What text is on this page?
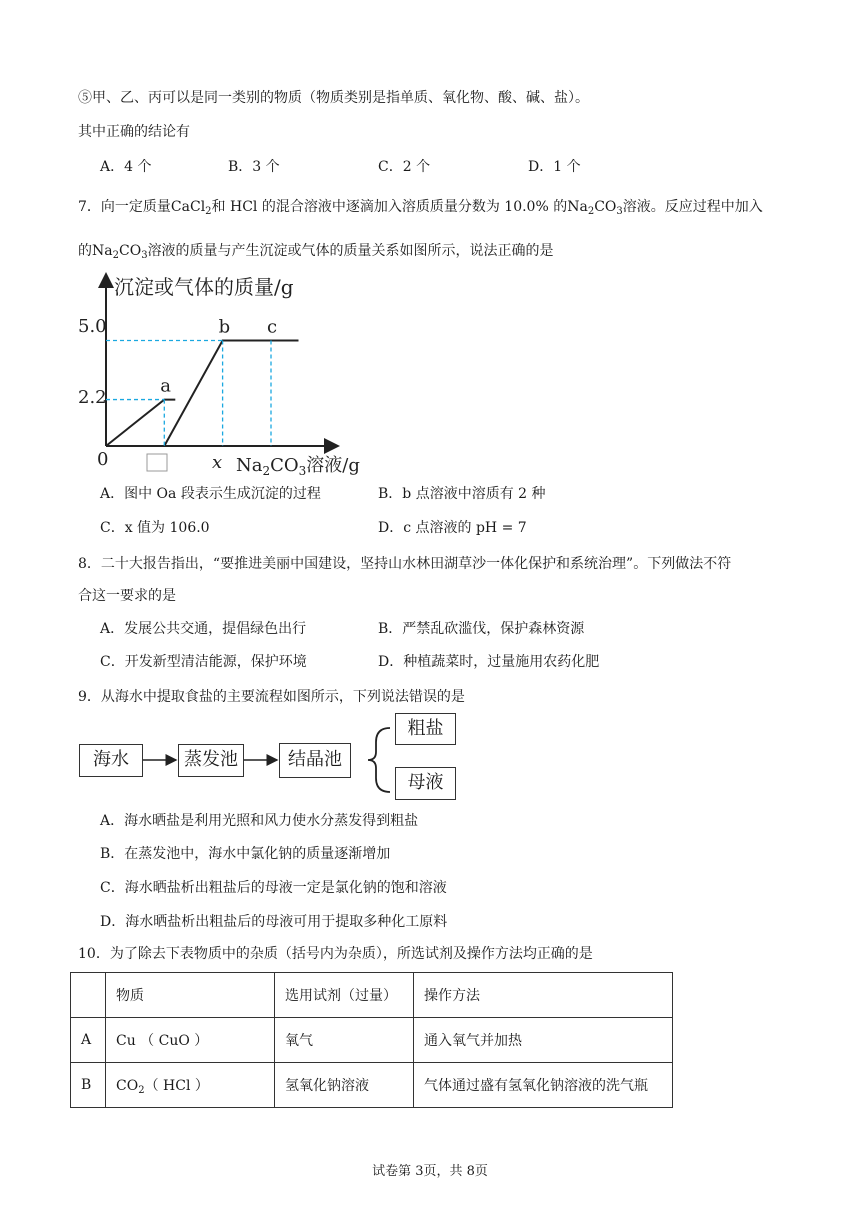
⑤甲、乙、丙可以是同一类别的物质（物质类别是指单质、氧化物、酸、碱、盐）。
其中正确的结论有
A．4 个	B．3 个	C．2 个	D．1 个
7．向一定质量CaCl$_2$和 HCl 的混合溶液中逐滴加入溶质质量分数为 10.0% 的$Na_2CO_3$溶液。反应过程中加入
的$Na_2CO_3$溶液的质量与产生沉淀或气体的质量关系如图所示，说法正确的是
沉淀或气体的质量/g
5.0
2.2
0	x $Na_2CO_3$溶液/g
a
b c
A．图中 Oa 段表示生成沉淀的过程	B．b 点溶液中溶质有 2 种
C．x 值为 106.0	D．c 点溶液的 pH = 7
8．二十大报告指出，“要推进美丽中国建设，坚持山水林田湖草沙一体化保护和系统治理”。下列做法不符
合这一要求的是
A．发展公共交通，提倡绿色出行	B．严禁乱砍滥伐，保护森林资源
C．开发新型清洁能源，保护环境	D．种植蔬菜时，过量施用农药化肥
9．从海水中提取食盐的主要流程如图所示，下列说法错误的是
海水	蒸发池	结晶池
粗盐
母液
A．海水晒盐是利用光照和风力使水分蒸发得到粗盐
B．在蒸发池中，海水中氯化钠的质量逐渐增加
C．海水晒盐析出粗盐后的母液一定是氯化钠的饱和溶液
D．海水晒盐析出粗盐后的母液可用于提取多种化工原料
10．为了除去下表物质中的杂质（括号内为杂质），所选试剂及操作方法均正确的是
	物质	选用试剂（过量）	操作方法
A	Cu （ CuO ）	氧气	通入氧气并加热
B	$CO_2$（ HCl ）	氢氧化钠溶液	气体通过盛有氢氧化钠溶液的洗气瓶
试卷第 3页，共 8页
